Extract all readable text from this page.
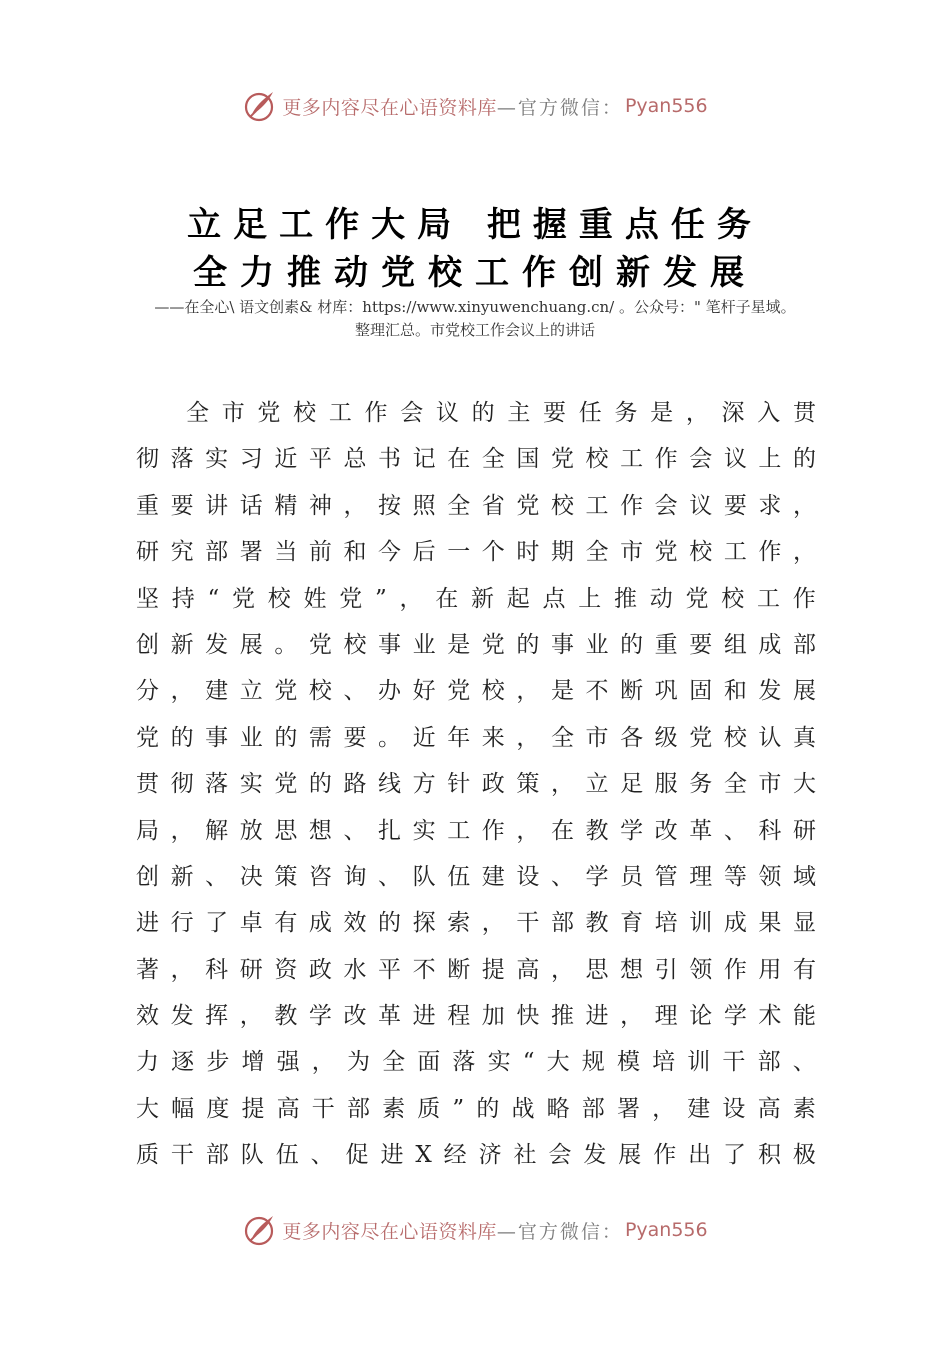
更多内容尽在心语资料库 —官方微信： Pyan556
立足工作大局 把握重点任务
全力推动党校工作创新发展
——在全心\ 语文创素& 材库：https://www.xinyuwenchuang.cn/ 。公众号：" 笔杆子星域。
整理汇总。市党校工作会议上的讲话
全 市 党 校 工 作 会 议 的 主 要 任 务 是 ， 深 入 贯
彻 落 实 习 近 平 总 书 记 在 全 国 党 校 工 作 会 议 上 的
重 要 讲 话 精 神 ， 按 照 全 省 党 校 工 作 会 议 要 求 ，
研 究 部 署 当 前 和 今 后 一 个 时 期 全 市 党 校 工 作 ，
坚 持 “ 党 校 姓 党 ” ， 在 新 起 点 上 推 动 党 校 工 作
创 新 发 展 。 党 校 事 业 是 党 的 事 业 的 重 要 组 成 部
分 ， 建 立 党 校 、 办 好 党 校 ， 是 不 断 巩 固 和 发 展
党 的 事 业 的 需 要 。 近 年 来 ， 全 市 各 级 党 校 认 真
贯 彻 落 实 党 的 路 线 方 针 政 策 ， 立 足 服 务 全 市 大
局 ， 解 放 思 想 、 扎 实 工 作 ， 在 教 学 改 革 、 科 研
创 新 、 决 策 咨 询 、 队 伍 建 设 、 学 员 管 理 等 领 域
进 行 了 卓 有 成 效 的 探 索 ， 干 部 教 育 培 训 成 果 显
著 ， 科 研 资 政 水 平 不 断 提 高 ， 思 想 引 领 作 用 有
效 发 挥 ， 教 学 改 革 进 程 加 快 推 进 ， 理 论 学 术 能
力 逐 步 增 强 ， 为 全 面 落 实 “ 大 规 模 培 训 干 部 、
大 幅 度 提 高 干 部 素 质 ” 的 战 略 部 署 ， 建 设 高 素
质 干 部 队 伍 、 促 进 X 经 济 社 会 发 展 作 出 了 积 极
更多内容尽在心语资料库 —官方微信： Pyan556
